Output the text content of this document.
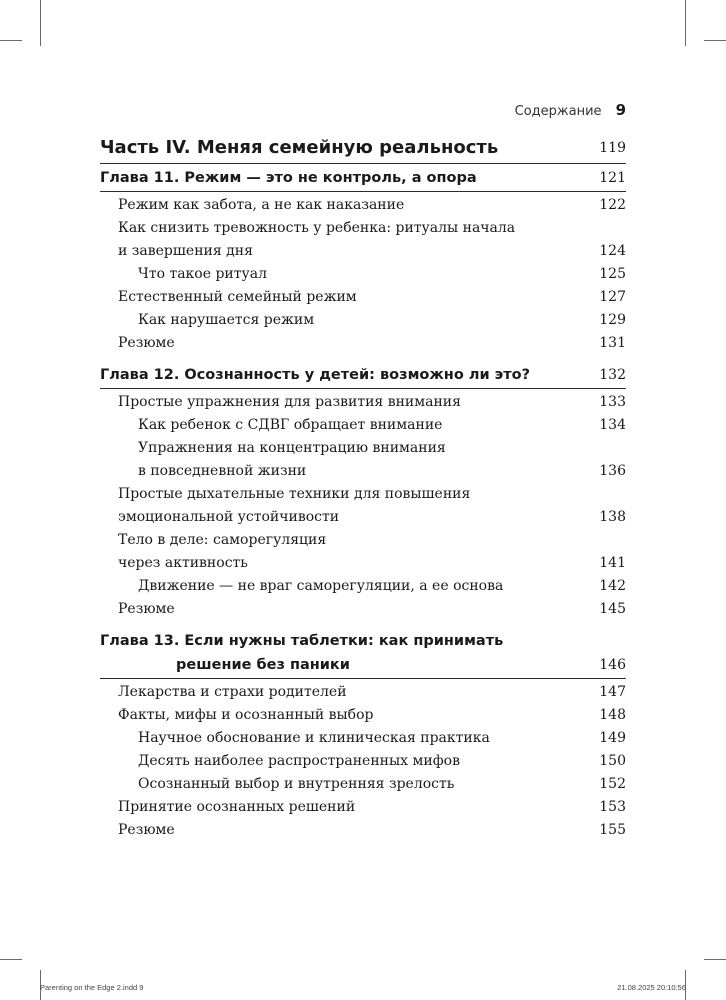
Содержание 9
Часть IV. Меняя семейную реальность	119
Глава 11. Режим — это не контроль, а опора	121
Режим как забота, а не как наказание	122
Как снизить тревожность у ребенка: ритуалы начала
и завершения дня	124
Что такое ритуал	125
Естественный семейный режим	127
Как нарушается режим	129
Резюме	131
Глава 12. Осознанность у детей: возможно ли это?	132
Простые упражнения для развития внимания	133
Как ребенок с СДВГ обращает внимание	134
Упражнения на концентрацию внимания
в повседневной жизни	136
Простые дыхательные техники для повышения
эмоциональной устойчивости	138
Тело в деле: саморегуляция
через активность	141
Движение — не враг саморегуляции, а ее основа	142
Резюме	145
Глава 13. Если нужны таблетки: как принимать
решение без паники	146
Лекарства и страхи родителей	147
Факты, мифы и осознанный выбор	148
Научное обоснование и клиническая практика	149
Десять наиболее распространенных мифов	150
Осознанный выбор и внутренняя зрелость	152
Принятие осознанных решений	153
Резюме	155
Parenting on the Edge 2.indd 9	21.08.2025 20:10:56
